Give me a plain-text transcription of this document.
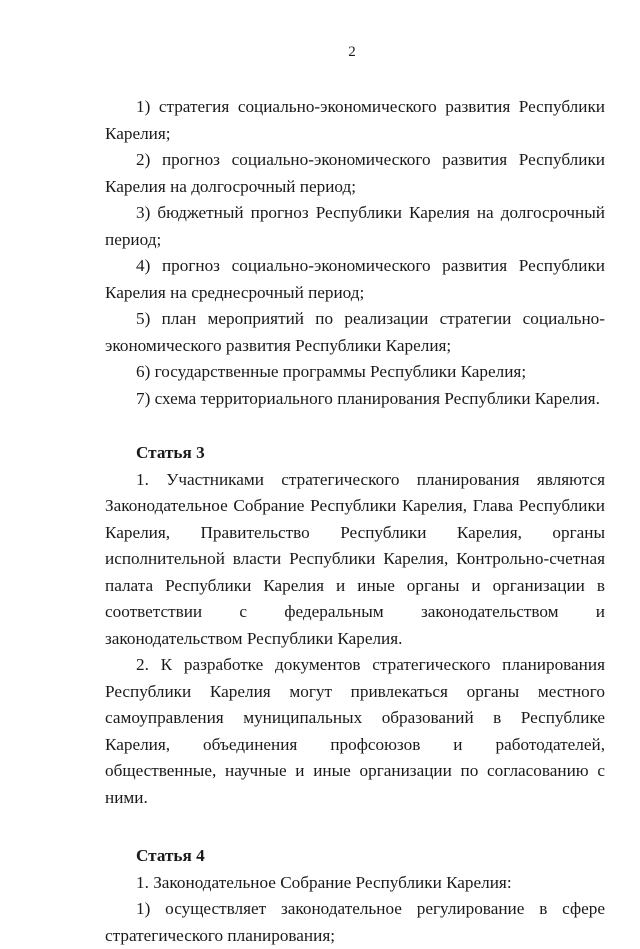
2

1) стратегия социально-экономического развития Республики Карелия;

2) прогноз социально-экономического развития Республики Карелия на долгосрочный период;

3) бюджетный прогноз Республики Карелия на долгосрочный период;

4) прогноз социально-экономического развития Республики Карелия на среднесрочный период;

5) план мероприятий по реализации стратегии социально-экономического развития Республики Карелия;

6) государственные программы Республики Карелия;

7) схема территориального планирования Республики Карелия.

Статья 3

1. Участниками стратегического планирования являются Законодательное Собрание Республики Карелия, Глава Республики Карелия, Правительство Республики Карелия, органы исполнительной власти Республики Карелия, Контрольно-счетная палата Республики Карелия и иные органы и организации в соответствии с федеральным законодательством и законодательством Республики Карелия.

2. К разработке документов стратегического планирования Республики Карелия могут привлекаться органы местного самоуправления муниципальных образований в Республике Карелия, объединения профсоюзов и работодателей, общественные, научные и иные организации по согласованию с ними.

Статья 4

1. Законодательное Собрание Республики Карелия:

1) осуществляет законодательное регулирование в сфере стратегического планирования;
